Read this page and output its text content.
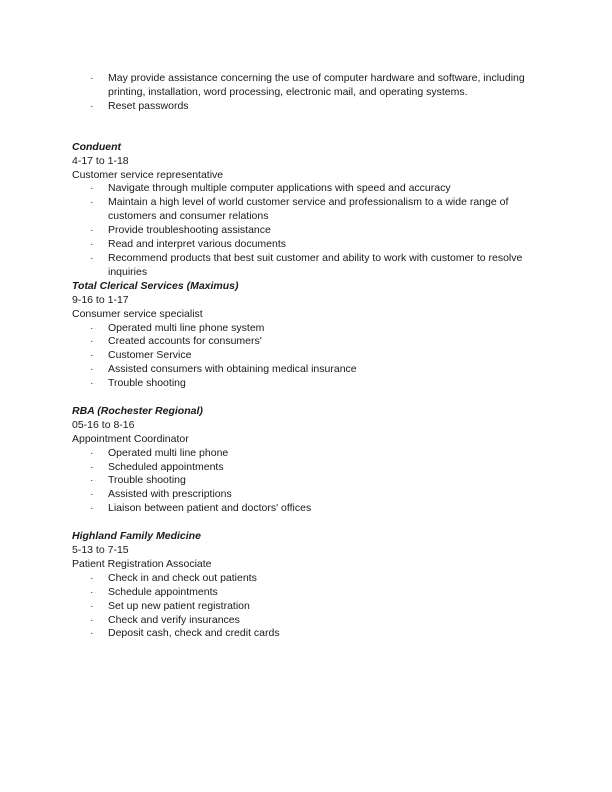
· May provide assistance concerning the use of computer hardware and software, including printing, installation, word processing, electronic mail, and operating systems.
· Reset passwords
Conduent
4-17 to 1-18
Customer service representative
· Navigate through multiple computer applications with speed and accuracy
· Maintain a high level of world customer service and professionalism to a wide range of customers and consumer relations
· Provide troubleshooting assistance
· Read and interpret various documents
· Recommend products that best suit customer and ability to work with customer to resolve inquiries
Total Clerical Services (Maximus)
9-16 to 1-17
Consumer service specialist
· Operated multi line phone system
· Created accounts for consumers'
· Customer Service
· Assisted consumers with obtaining medical insurance
· Trouble shooting
RBA (Rochester Regional)
05-16 to 8-16
Appointment Coordinator
· Operated multi line phone
· Scheduled appointments
· Trouble shooting
· Assisted with prescriptions
· Liaison between patient and doctors' offices
Highland Family Medicine
5-13 to 7-15
Patient Registration Associate
· Check in and check out patients
· Schedule appointments
· Set up new patient registration
· Check and verify insurances
· Deposit cash, check and credit cards
